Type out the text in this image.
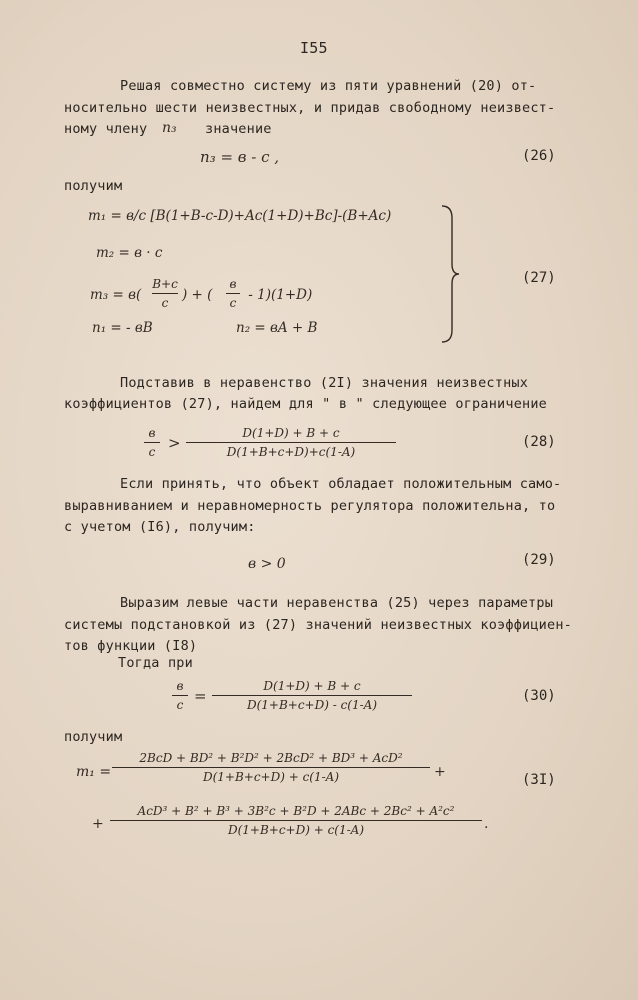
I55
Решая совместно систему из пяти уравнений (20) от-
носительно шести неизвестных, и придав свободному неизвест-
ному члену n₃ значение
n₃ = в - с ,	(26)
получим
m₁ = в/с [B(1+B-c-D)+Ac(1+D)+Bc]-(B+Ac)
m₂ = в · с
m₃ = в(
B+c
c	) + (
в
c - 1)(1+D)
n₁ = - вB	n₂ = вA + B
(27)
Подставив в неравенство (2I) значения неизвестных
коэффициентов (27), найдем для " в " следующее ограничение
в
c >
D(1+D) + B + c
D(1+B+c+D)+c(1-A)
(28)
Если принять, что объект обладает положительным само-
выравниванием и неравномерность регулятора положительна, то
с учетом (I6), получим:
в > 0	(29)
Выразим левые части неравенства (25) через параметры
системы подстановкой из (27) значений неизвестных коэффициен-
тов функции (I8)
Тогда при
в
c =
D(1+D) + B + c
D(1+B+c+D) - c(1-A)
(30)
получим
m₁ =
2BcD + BD² + B²D² + 2BcD² + BD³ + AcD²
D(1+B+c+D) + c(1-A)	+	(3I)
+
AcD³ + B² + B³ + 3B²c + B²D + 2ABc + 2Bc² + A²c²
D(1+B+c+D) + c(1-A)	.
